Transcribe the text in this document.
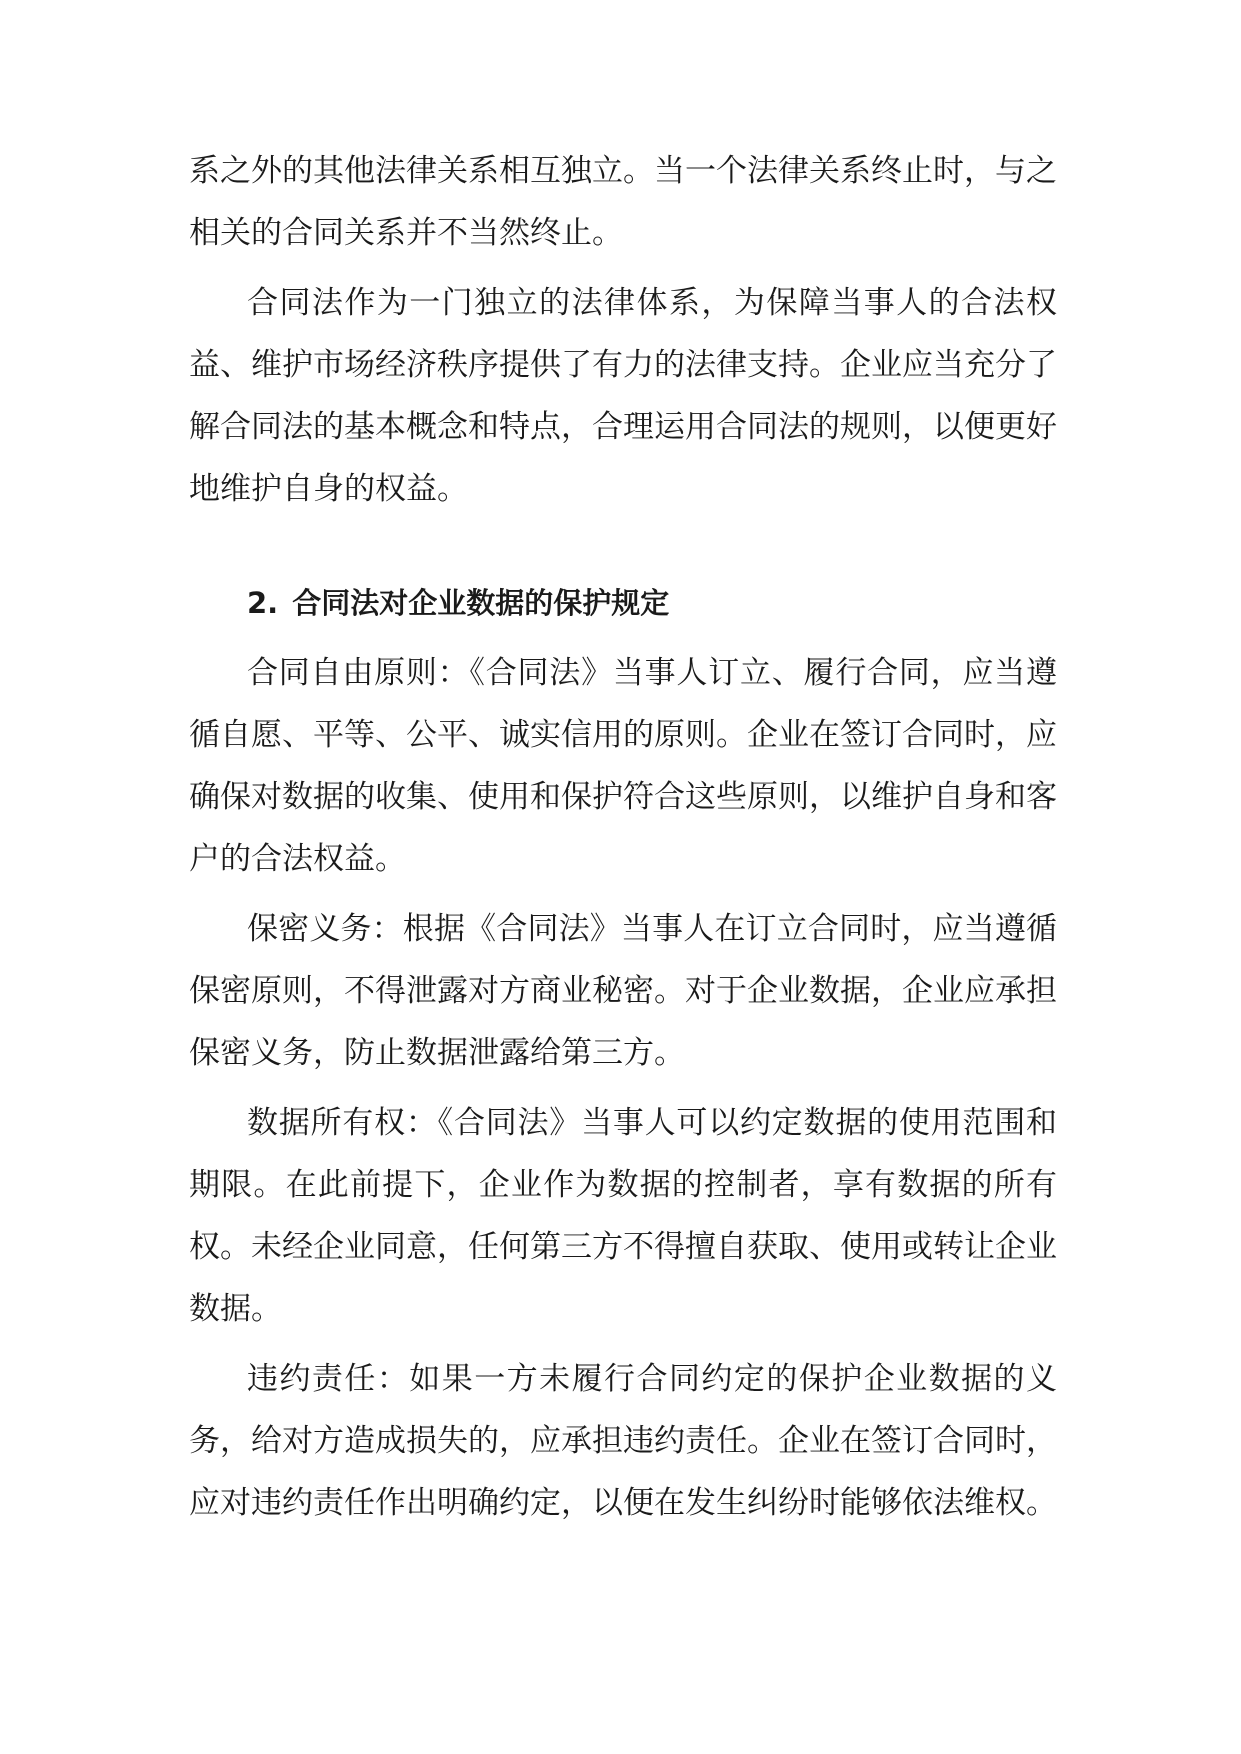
系之外的其他法律关系相互独立。当一个法律关系终止时，与之相关的合同关系并不当然终止。

合同法作为一门独立的法律体系，为保障当事人的合法权益、维护市场经济秩序提供了有力的法律支持。企业应当充分了解合同法的基本概念和特点，合理运用合同法的规则，以便更好地维护自身的权益。

2. 合同法对企业数据的保护规定

合同自由原则：《合同法》当事人订立、履行合同，应当遵循自愿、平等、公平、诚实信用的原则。企业在签订合同时，应确保对数据的收集、使用和保护符合这些原则，以维护自身和客户的合法权益。

保密义务：根据《合同法》当事人在订立合同时，应当遵循保密原则，不得泄露对方商业秘密。对于企业数据，企业应承担保密义务，防止数据泄露给第三方。

数据所有权：《合同法》当事人可以约定数据的使用范围和期限。在此前提下，企业作为数据的控制者，享有数据的所有权。未经企业同意，任何第三方不得擅自获取、使用或转让企业数据。

违约责任：如果一方未履行合同约定的保护企业数据的义务，给对方造成损失的，应承担违约责任。企业在签订合同时，应对违约责任作出明确约定，以便在发生纠纷时能够依法维权。
